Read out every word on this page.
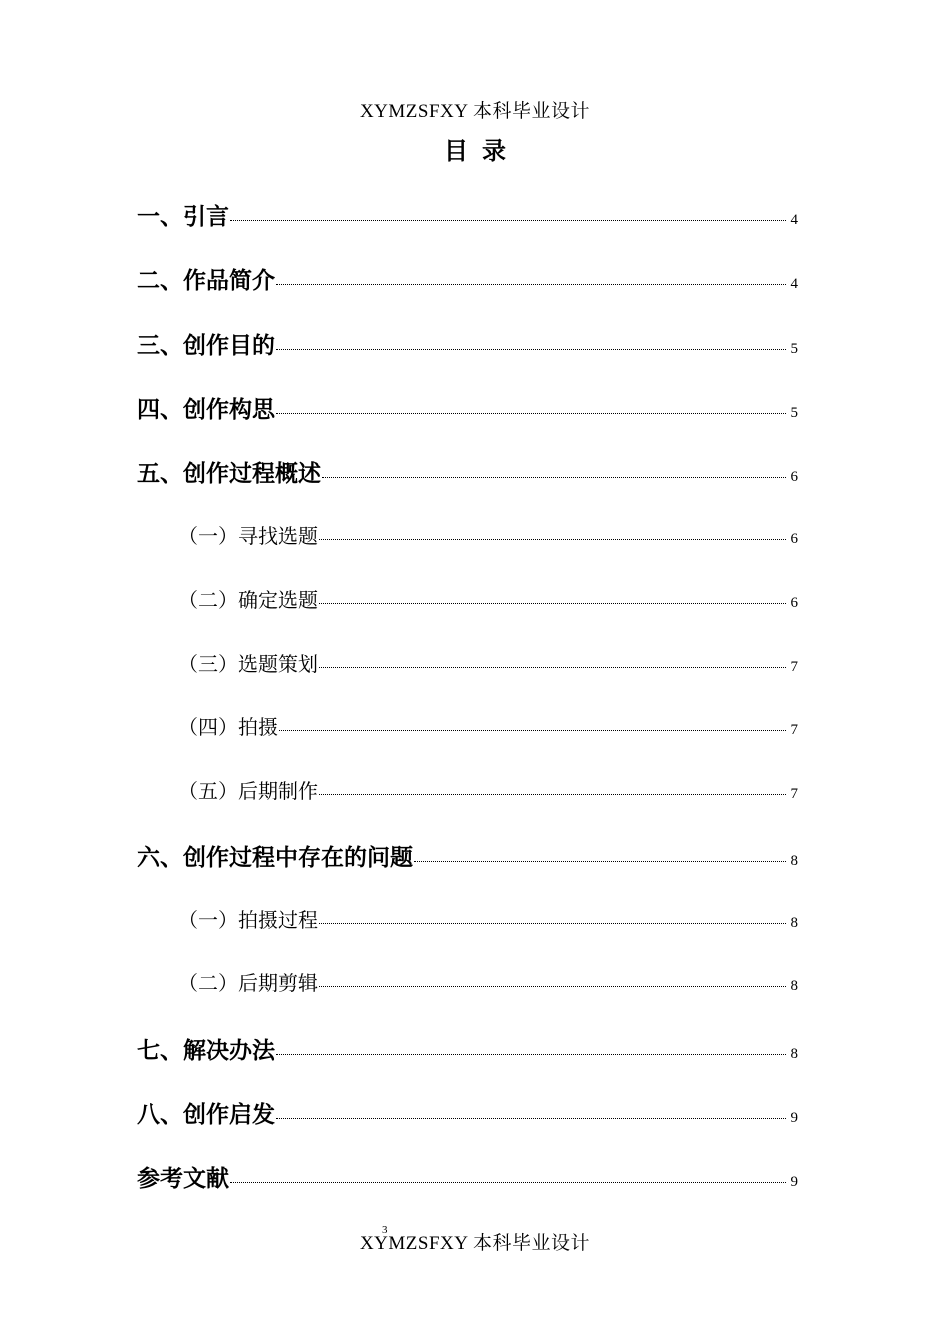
XYMZSFXY 本科毕业设计
目录
一、引言	4
二、作品简介	4
三、创作目的	5
四、创作构思	5
五、创作过程概述	6
（一）寻找选题	6
（二）确定选题	6
（三）选题策划	7
（四）拍摄	7
（五）后期制作	7
六、创作过程中存在的问题	8
（一）拍摄过程	8
（二）后期剪辑	8
七、解决办法	8
八、创作启发	9
参考文献	9
XYMZSFXY 本科毕业设计
3
